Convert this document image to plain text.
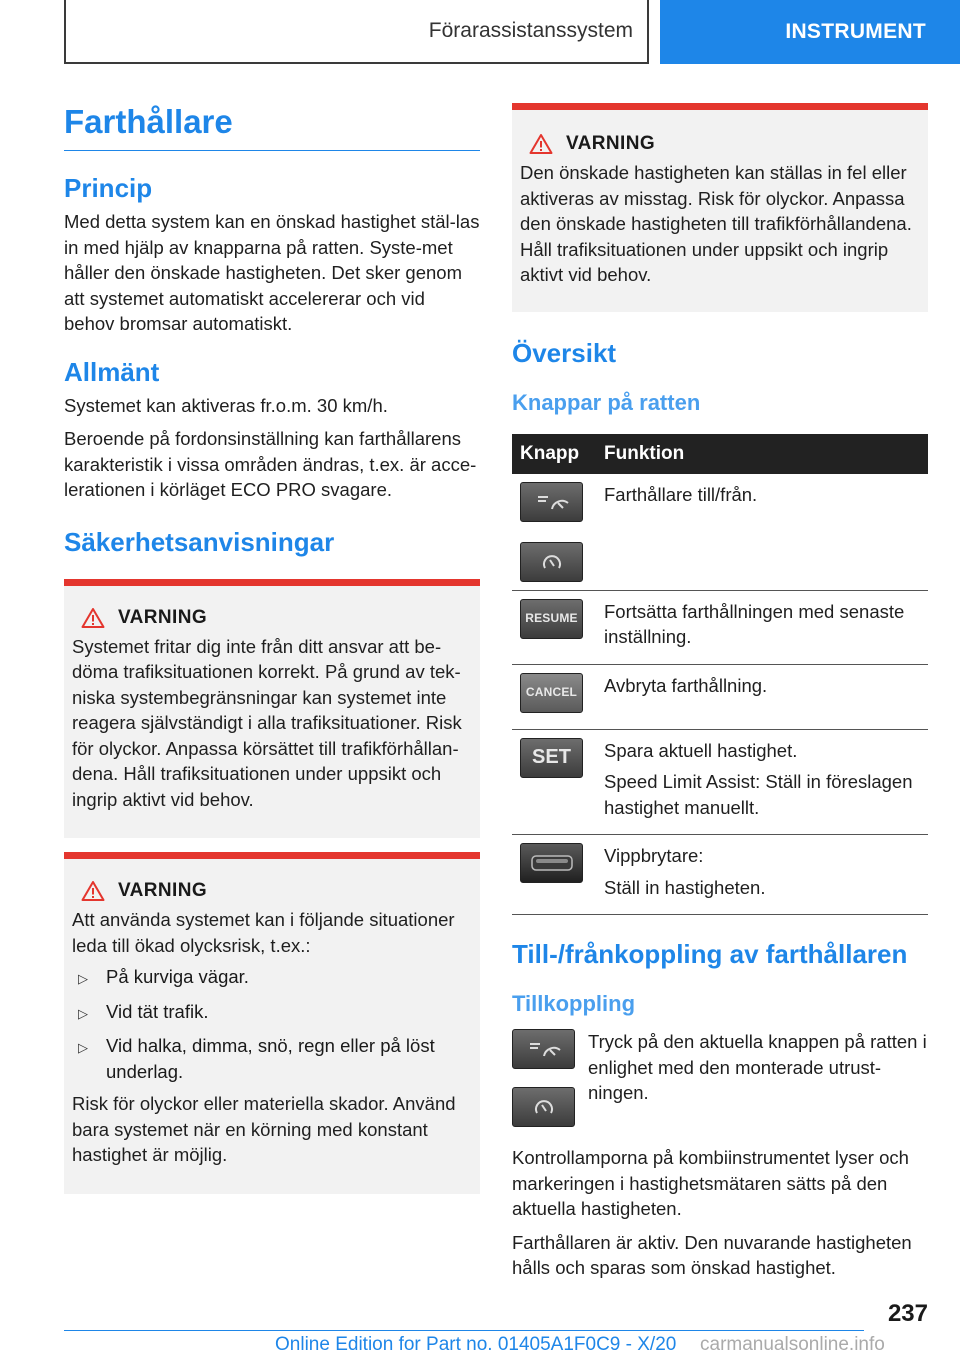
Förarassistanssystem	INSTRUMENT
Farthållare
Princip

Med detta system kan en önskad hastighet stäl-las in med hjälp av knapparna på ratten. Syste-met håller den önskade hastigheten. Det sker genom att systemet automatiskt accelererar och vid behov bromsar automatiskt.

Allmänt

Systemet kan aktiveras fr.o.m. 30 km/h.

Beroende på fordonsinställning kan farthållarens karakteristik i vissa områden ändras, t.ex. är acce-lerationen i körläget ECO PRO svagare.

Säkerhetsanvisningar
VARNING

Systemet fritar dig inte från ditt ansvar att be-döma trafiksituationen korrekt. På grund av tek-niska systembegränsningar kan systemet inte reagera självständigt i alla trafiksituationer. Risk för olyckor. Anpassa körsättet till trafikförhållan-dena. Håll trafiksituationen under uppsikt och ingrip aktivt vid behov.

VARNING

Att använda systemet kan i följande situationer leda till ökad olycksrisk, t.ex.:

▷ På kurviga vägar.
▷ Vid tät trafik.
▷ Vid halka, dimma, snö, regn eller på löst underlag.

Risk för olyckor eller materiella skador. Använd bara systemet när en körning med konstant hastighet är möjlig.

VARNING

Den önskade hastigheten kan ställas in fel eller aktiveras av misstag. Risk för olyckor. Anpassa den önskade hastigheten till trafikförhållandena. Håll trafiksituationen under uppsikt och ingrip aktivt vid behov.

Översikt
Knappar på ratten
Knapp	Funktion

Farthållare till/från.

RESUME	Fortsätta farthållningen med senaste inställning.

CANCEL	Avbryta farthållning.

SET	Spara aktuell hastighet.

Speed Limit Assist: Ställ in föreslagen hastighet manuellt.

Vippbrytare:

Ställ in hastigheten.

Till-/frånkoppling av farthållaren
Tillkoppling

Tryck på den aktuella knappen på ratten i enlighet med den monterade utrust-ningen.

Kontrollamporna på kombiinstrumentet lyser och markeringen i hastighetsmätaren sätts på den aktuella hastigheten.

Farthållaren är aktiv. Den nuvarande hastigheten hålls och sparas som önskad hastighet.

237
Online Edition for Part no. 01405A1F0C9 - X/20 carmanualsonline.info
